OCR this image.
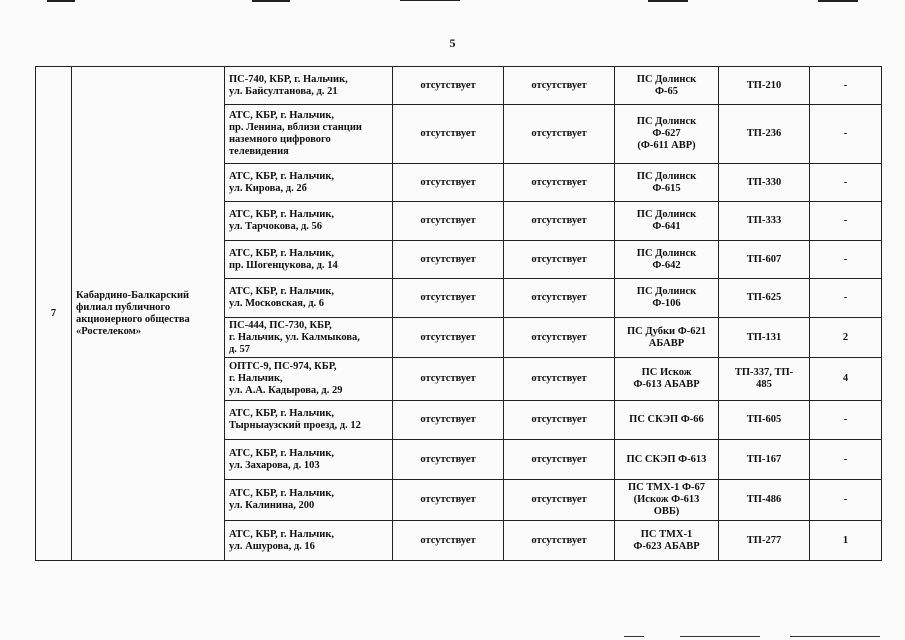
5
7	Кабардино-Балкарский
филиал публичного
акционерного общества
«Ростелеком»	ПС-740, КБР, г. Нальчик,
ул. Байсултанова, д. 21	отсутствует	отсутствует	ПС Долинск
Ф-65	ТП-210	-
		АТС, КБР, г. Нальчик,
пр. Ленина, вблизи станции
наземного цифрового
телевидения	отсутствует	отсутствует	ПС Долинск
Ф-627
(Ф-611 АВР)	ТП-236	-
		АТС, КБР, г. Нальчик,
ул. Кирова, д. 2б	отсутствует	отсутствует	ПС Долинск
Ф-615	ТП-330	-
		АТС, КБР, г. Нальчик,
ул. Тарчокова, д. 56	отсутствует	отсутствует	ПС Долинск
Ф-641	ТП-333	-
		АТС, КБР, г. Нальчик,
пр. Шогенцукова, д. 14	отсутствует	отсутствует	ПС Долинск
Ф-642	ТП-607	-
		АТС, КБР, г. Нальчик,
ул. Московская, д. 6	отсутствует	отсутствует	ПС Долинск
Ф-106	ТП-625	-
		ПС-444, ПС-730, КБР,
г. Нальчик, ул. Калмыкова,
д. 57	отсутствует	отсутствует	ПС Дубки Ф-621
АБАВР	ТП-131	2
		ОПТС-9, ПС-974, КБР,
г. Нальчик,
ул. А.А. Кадырова, д. 29	отсутствует	отсутствует	ПС Искож
Ф-613 АБАВР	ТП-337, ТП-
485	4
		АТС, КБР, г. Нальчик,
Тырныаузский проезд, д. 12	отсутствует	отсутствует	ПС СКЭП Ф-66	ТП-605	-
		АТС, КБР, г. Нальчик,
ул. Захарова, д. 103	отсутствует	отсутствует	ПС СКЭП Ф-613	ТП-167	-
		АТС, КБР, г. Нальчик,
ул. Калинина, 200	отсутствует	отсутствует	ПС ТМХ-1 Ф-67
(Искож Ф-613
ОВБ)	ТП-486	-
		АТС, КБР, г. Нальчик,
ул. Ашурова, д. 16	отсутствует	отсутствует	ПС ТМХ-1
Ф-623 АБАВР	ТП-277	1
